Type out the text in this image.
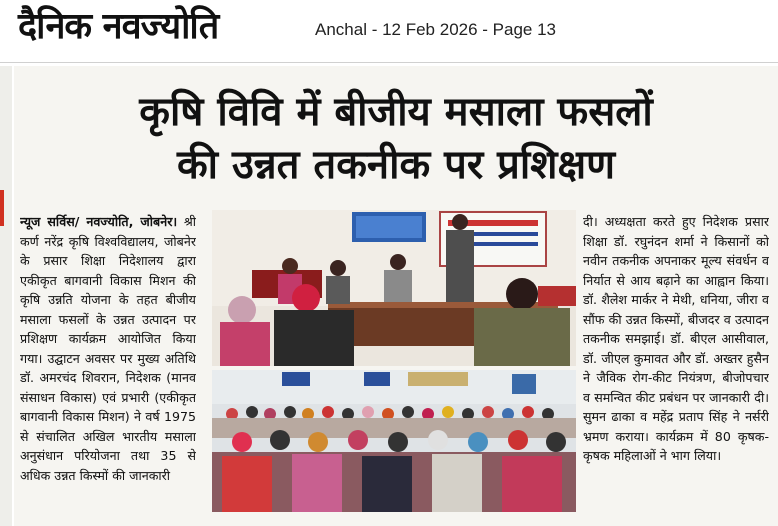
दैनिक नवज्योति	Anchal - 12 Feb 2026 - Page 13
कृषि विवि में बीजीय मसाला फसलों
की उन्नत तकनीक पर प्रशिक्षण
न्यूज सर्विस/ नवज्योति, जोबनेर। श्री कर्ण नरेंद्र कृषि विश्वविद्यालय, जोबनेर के प्रसार शिक्षा निदेशालय द्वारा एकीकृत बागवानी विकास मिशन की कृषि उन्नति योजना के तहत बीजीय मसाला फसलों के उन्नत उत्पादन पर प्रशिक्षण कार्यक्रम आयोजित किया गया। उद्घाटन अवसर पर मुख्य अतिथि डॉ. अमरचंद शिवरान, निदेशक (मानव संसाधन विकास) एवं प्रभारी (एकीकृत बागवानी विकास मिशन) ने वर्ष 1975 से संचालित अखिल भारतीय मसाला अनुसंधान परियोजना तथा 35 से अधिक उन्नत किस्मों की जानकारी
दी। अध्यक्षता करते हुए निदेशक प्रसार शिक्षा डॉ. रघुनंदन शर्मा ने किसानों को नवीन तकनीक अपनाकर मूल्य संवर्धन व निर्यात से आय बढ़ाने का आह्वान किया। डॉ. शैलेश मार्कर ने मेथी, धनिया, जीरा व सौंफ की उन्नत किस्मों, बीजदर व उत्पादन तकनीक समझाई। डॉ. बीएल आसीवाल, डॉ. जीएल कुमावत और डॉ. अख्तर हुसैन ने जैविक रोग-कीट नियंत्रण, बीजोपचार व समन्वित कीट प्रबंधन पर जानकारी दी। सुमन ढाका व महेंद्र प्रताप सिंह ने नर्सरी भ्रमण कराया। कार्यक्रम में 80 कृषक-कृषक महिलाओं ने भाग लिया।
